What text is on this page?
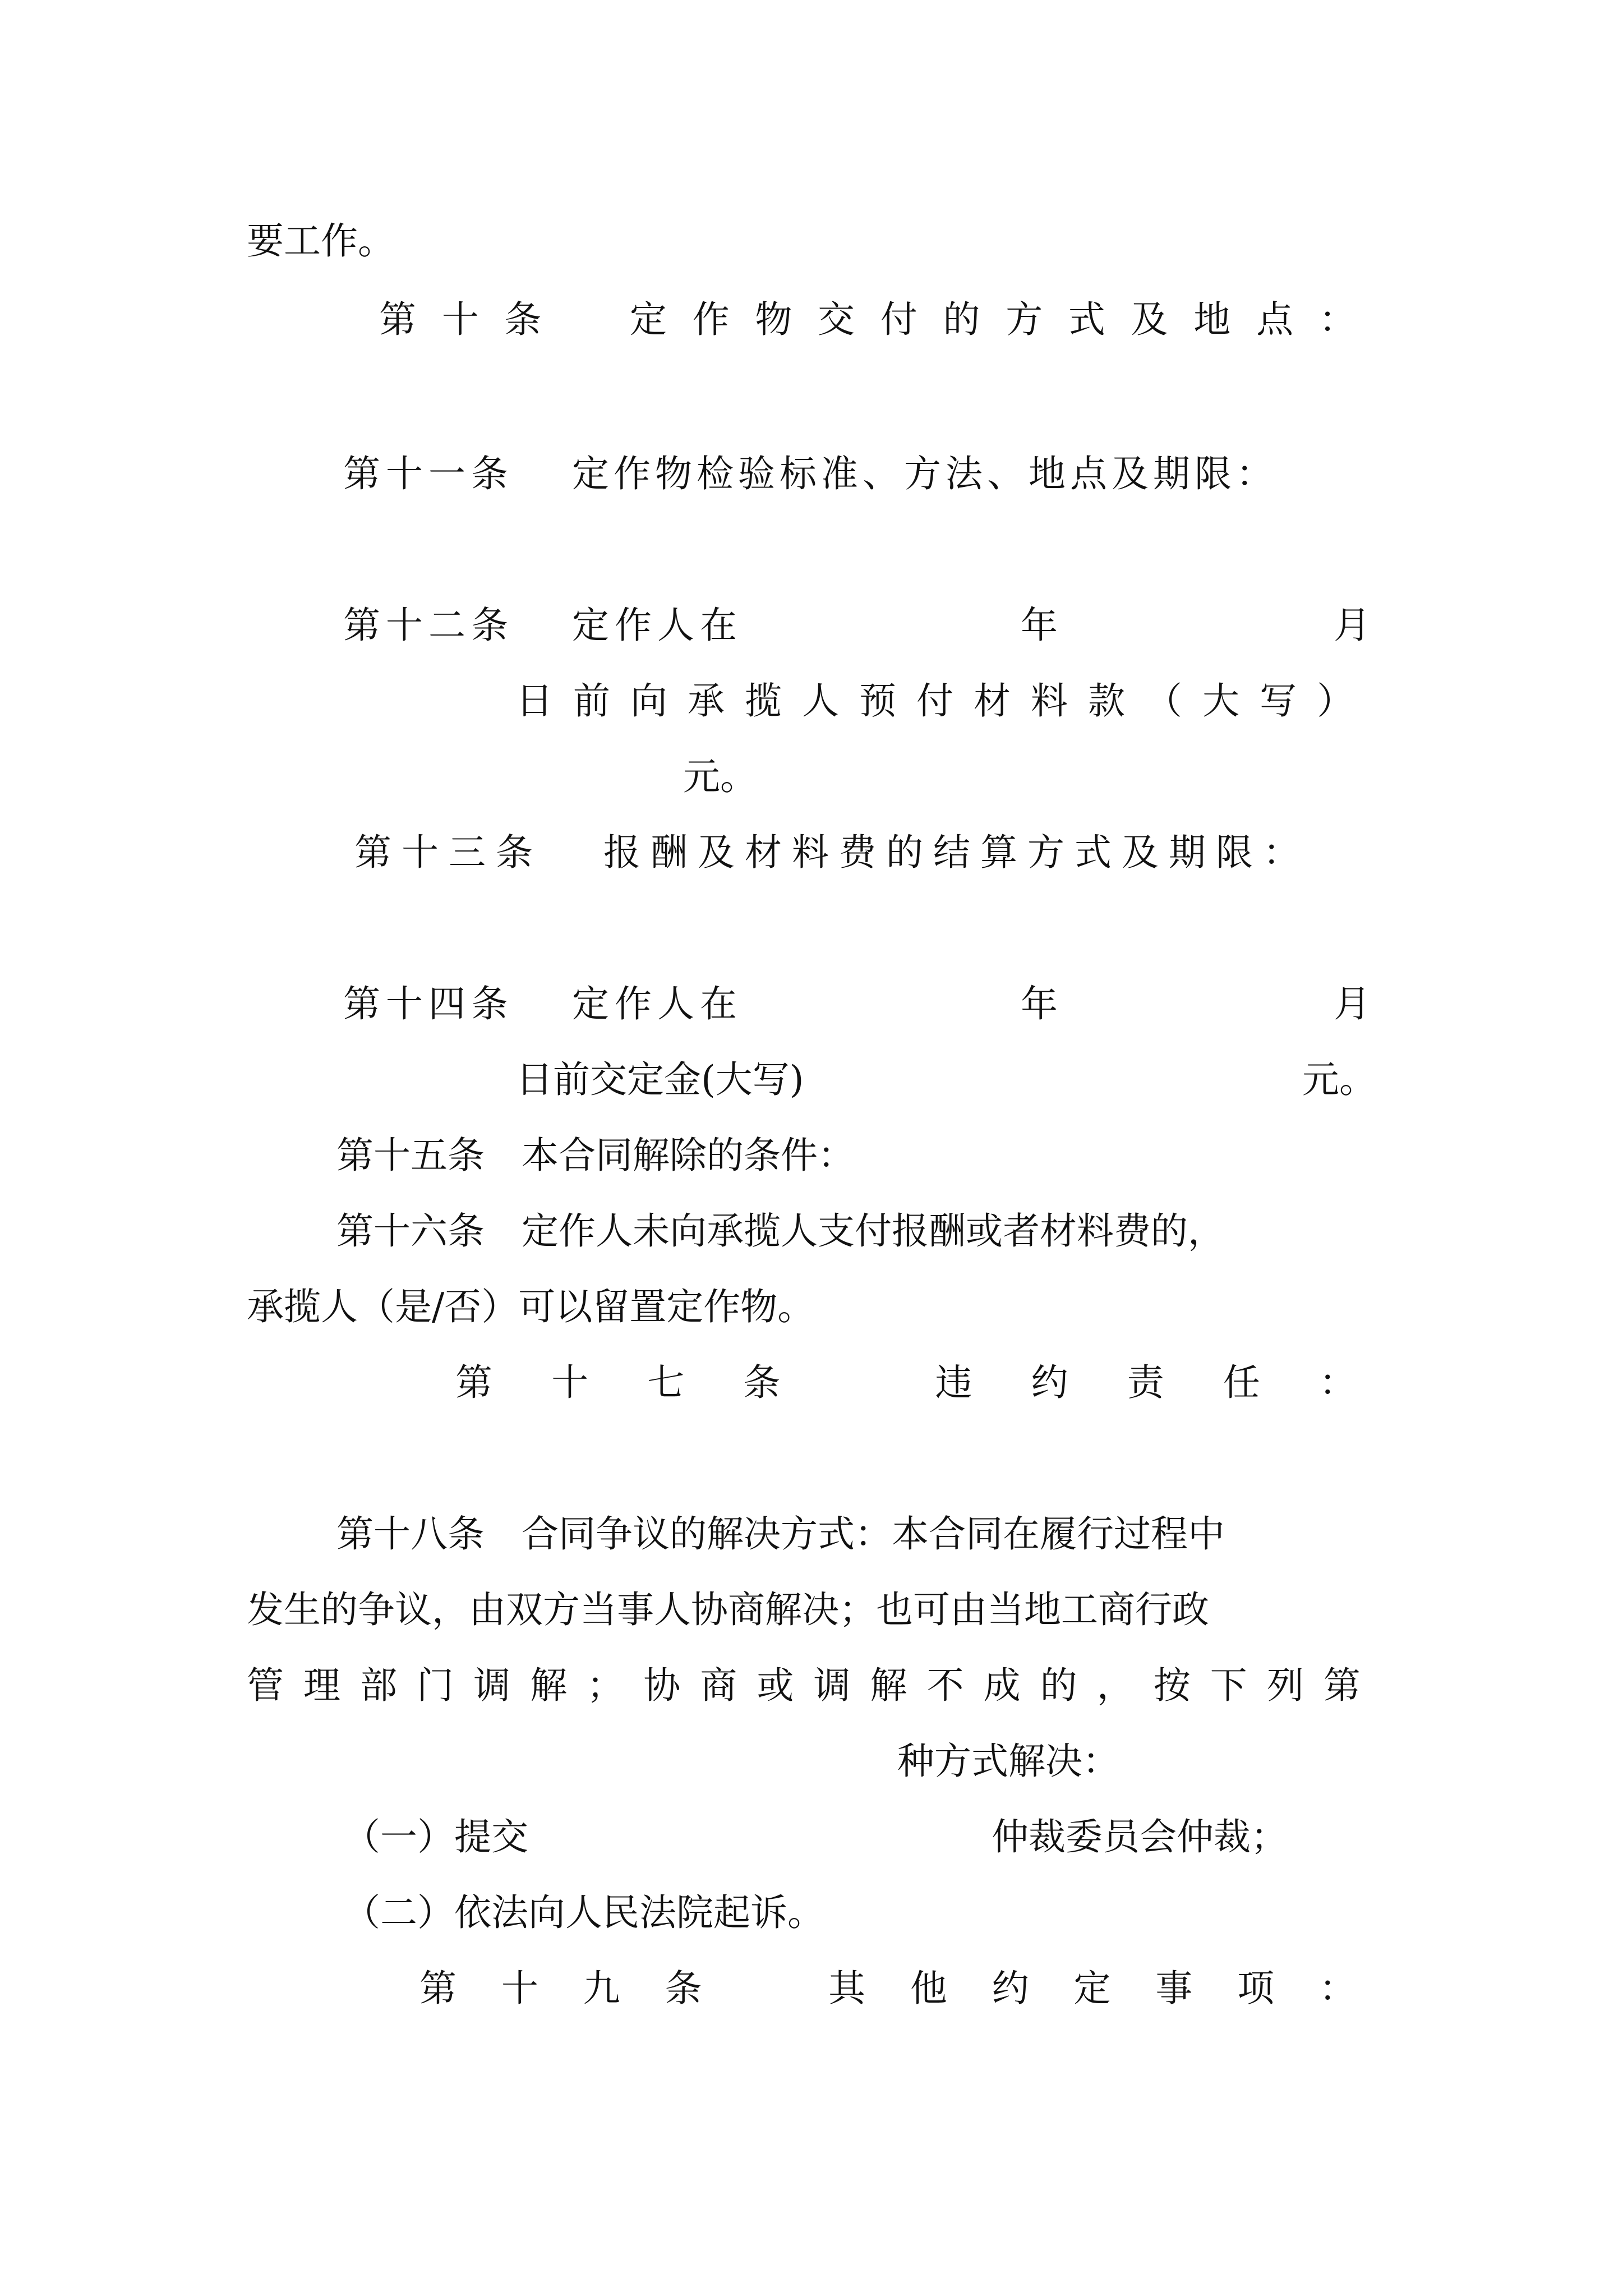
要工作。
第 十 条
　 定 作 物 交 付 的 方 式 及 地 点 ：
第十一条 定作物检验标准、方法、地点及期限：
第十二条 定作人在	年	月
日前向承揽人预付材料款（大写）
元。
第十三条 报酬及材料费的结算方式及期限：
第十四条 定作人在	年	月
日前交定金(大写)	元。
第十五条　本合同解除的条件：
第十六条　定作人未向承揽人支付报酬或者材料费的，
承揽人（是/否）可以留置定作物。
第 十 七 条
　	违 约 责 任 ：
第十八条　合同争议的解决方式：本合同在履行过程中
发生的争议，由双方当事人协商解决；也可由当地工商行政
管 理 部 门 调 解 ； 协 商 或 调 解 不 成 的 ， 按 下 列 第
种方式解决：
（一）提交	仲裁委员会仲裁；
（二）依法向人民法院起诉。
第 十 九 条
　	其 他 约 定 事 项 ：
